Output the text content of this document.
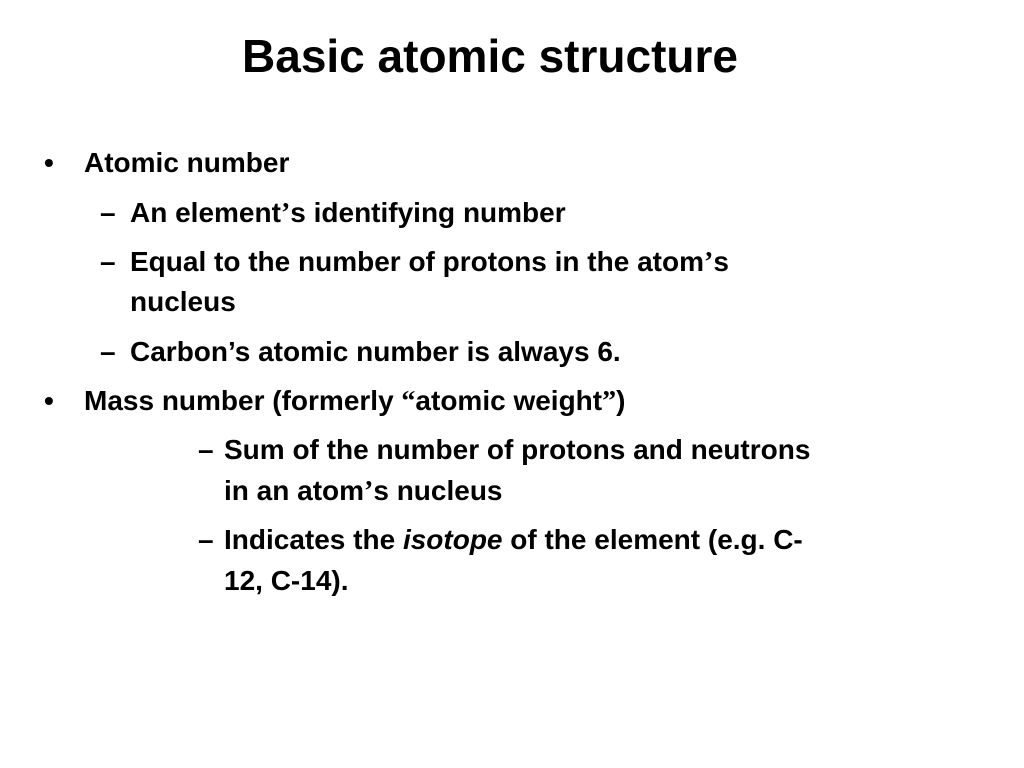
Basic atomic structure
• Atomic number
– An element’s identifying number
– Equal to the number of protons in the atom’s
nucleus
– Carbon’s atomic number is always 6.
• Mass number (formerly “atomic weight”)
– Sum of the number of protons and neutrons
in an atom’s nucleus
– Indicates the isotope of the element (e.g. C-
12, C-14).
